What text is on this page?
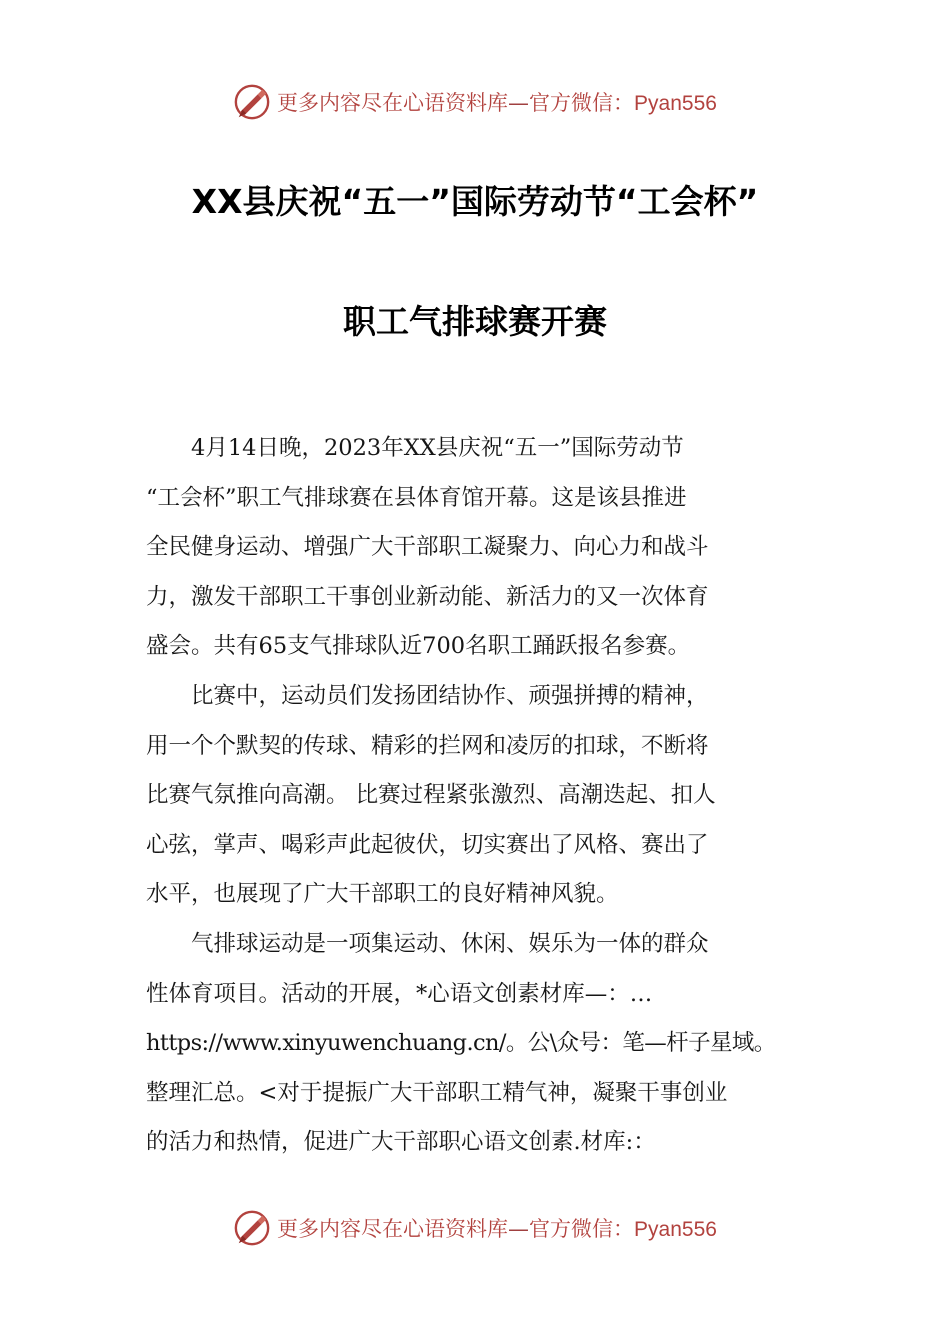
更多内容尽在心语资料库—官方微信：Pyan556
XX县庆祝“五一”国际劳动节“工会杯”
职工气排球赛开赛

4月14日晚，2023年XX县庆祝“五一”国际劳动节
“工会杯”职工气排球赛在县体育馆开幕。这是该县推进
全民健身运动、增强广大干部职工凝聚力、向心力和战斗
力，激发干部职工干事创业新动能、新活力的又一次体育
盛会。共有65支气排球队近700名职工踊跃报名参赛。

比赛中，运动员们发扬团结协作、顽强拼搏的精神，
用一个个默契的传球、精彩的拦网和凌厉的扣球，不断将
比赛气氛推向高潮。 比赛过程紧张激烈、高潮迭起、扣人
心弦，掌声、喝彩声此起彼伏，切实赛出了风格、赛出了
水平，也展现了广大干部职工的良好精神风貌。

气排球运动是一项集运动、休闲、娱乐为一体的群众
性体育项目。活动的开展，*心语文创素材库—：…
https://www.xinyuwenchuang.cn/。公\众号：笔—杆子星域。
整理汇总。<对于提振广大干部职工精气神，凝聚干事创业
的活力和热情，促进广大干部职心语文创素.材库:：

更多内容尽在心语资料库—官方微信：Pyan556
